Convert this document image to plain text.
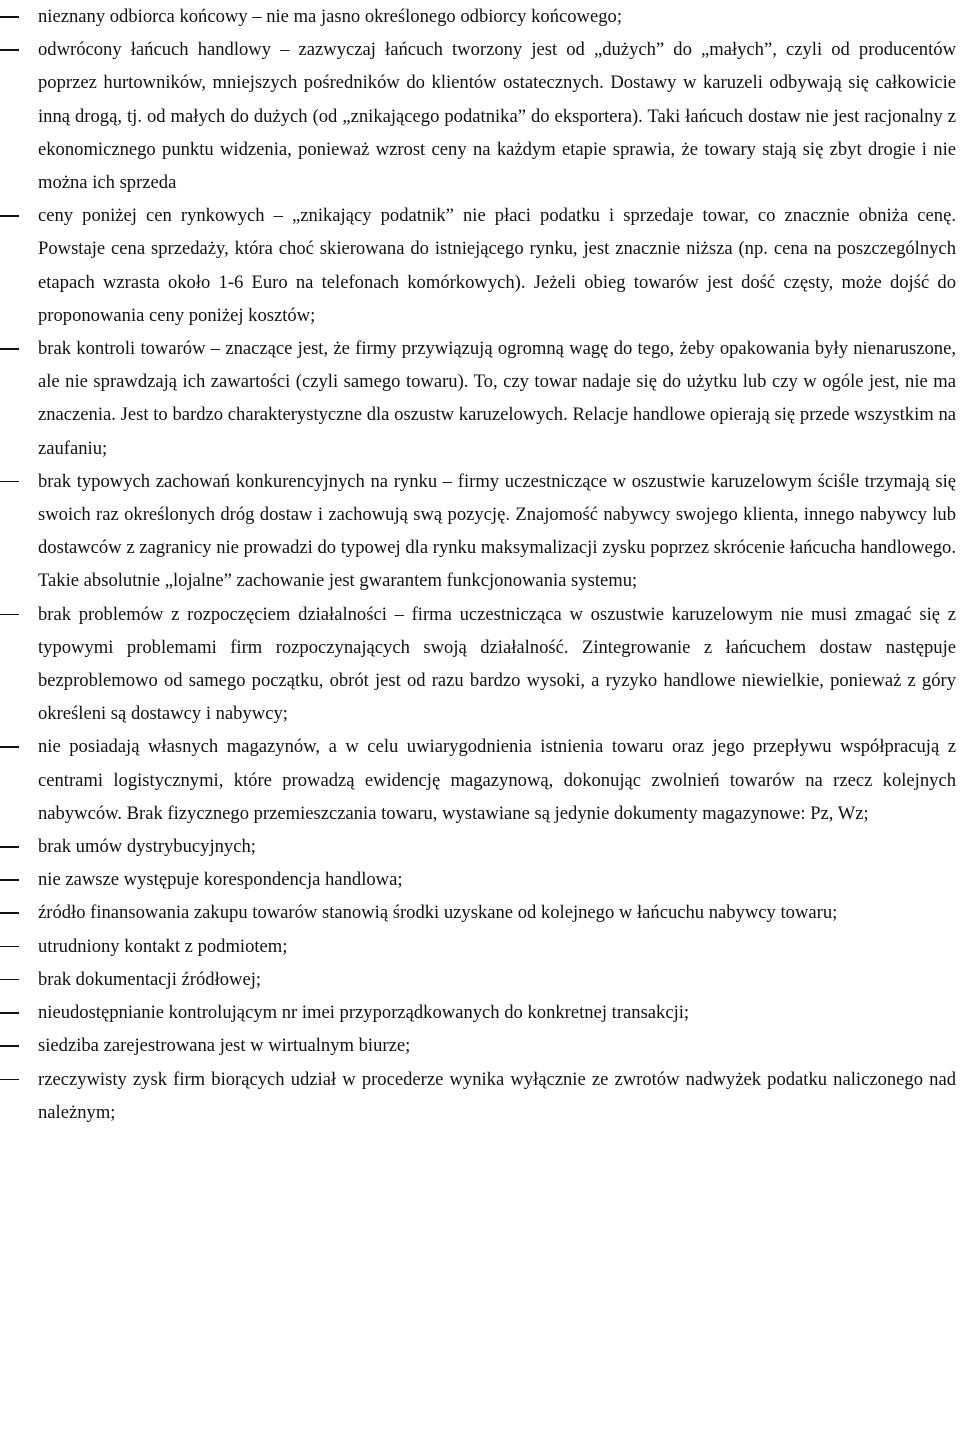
nieznany odbiorca końcowy – nie ma jasno określonego odbiorcy końcowego;
odwrócony łańcuch handlowy – zazwyczaj łańcuch tworzony jest od „dużych” do „małych”, czyli od producentów poprzez hurtowników, mniejszych pośredników do klientów ostatecznych. Dostawy w karuzeli odbywają się całkowicie inną drogą, tj. od małych do dużych (od „znikającego podatnika” do eksportera). Taki łańcuch dostaw nie jest racjonalny z ekonomicznego punktu widzenia, ponieważ wzrost ceny na każdym etapie sprawia, że towary stają się zbyt drogie i nie można ich sprzeda
ceny poniżej cen rynkowych – „znikający podatnik” nie płaci podatku i sprzedaje towar, co znacznie obniża cenę. Powstaje cena sprzedaży, która choć skierowana do istniejącego rynku, jest znacznie niższa (np. cena na poszczególnych etapach wzrasta około 1-6 Euro na telefonach komórkowych). Jeżeli obieg towarów jest dość częsty, może dojść do proponowania ceny poniżej kosztów;
brak kontroli towarów – znaczące jest, że firmy przywiązują ogromną wagę do tego, żeby opakowania były nienaruszone, ale nie sprawdzają ich zawartości (czyli samego towaru). To, czy towar nadaje się do użytku lub czy w ogóle jest, nie ma znaczenia. Jest to bardzo charakterystyczne dla oszustw karuzelowych. Relacje handlowe opierają się przede wszystkim na zaufaniu;
brak typowych zachowań konkurencyjnych na rynku – firmy uczestniczące w oszustwie karuzelowym ściśle trzymają się swoich raz określonych dróg dostaw i zachowują swą pozycję. Znajomość nabywcy swojego klienta, innego nabywcy lub dostawców z zagranicy nie prowadzi do typowej dla rynku maksymalizacji zysku poprzez skrócenie łańcucha handlowego. Takie absolutnie „lojalne” zachowanie jest gwarantem funkcjonowania systemu;
brak problemów z rozpoczęciem działalności – firma uczestnicząca w oszustwie karuzelowym nie musi zmagać się z typowymi problemami firm rozpoczynających swoją działalność. Zintegrowanie z łańcuchem dostaw następuje bezproblemowo od samego początku, obrót jest od razu bardzo wysoki, a ryzyko handlowe niewielkie, ponieważ z góry określeni są dostawcy i nabywcy;
nie posiadają własnych magazynów, a w celu uwiarygodnienia istnienia towaru oraz jego przepływu współpracują z centrami logistycznymi, które prowadzą ewidencję magazynową, dokonując zwolnień towarów na rzecz kolejnych nabywców. Brak fizycznego przemieszczania towaru, wystawiane są jedynie dokumenty magazynowe: Pz, Wz;
brak umów dystrybucyjnych;
nie zawsze występuje korespondencja handlowa;
źródło finansowania zakupu towarów stanowią środki uzyskane od kolejnego w łańcuchu nabywcy towaru;
utrudniony kontakt z podmiotem;
brak dokumentacji źródłowej;
nieudostępnianie kontrolującym nr imei przyporządkowanych do konkretnej transakcji;
siedziba zarejestrowana jest w wirtualnym biurze;
rzeczywisty zysk firm biorących udział w procederze wynika wyłącznie ze zwrotów nadwyżek podatku naliczonego nad należnym;
